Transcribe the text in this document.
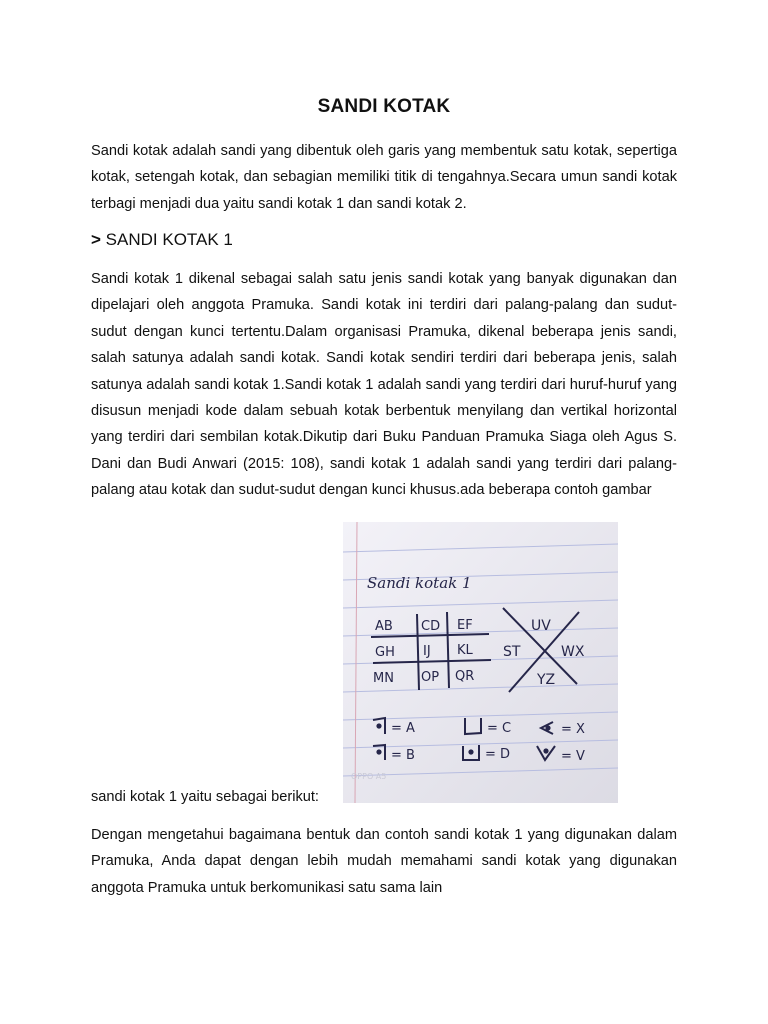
SANDI KOTAK

Sandi kotak adalah sandi yang dibentuk oleh garis yang membentuk satu kotak, sepertiga kotak, setengah kotak, dan sebagian memiliki titik di tengahnya.Secara umun sandi kotak terbagi menjadi dua yaitu sandi kotak 1 dan sandi kotak 2.

> SANDI KOTAK 1

Sandi kotak 1 dikenal sebagai salah satu jenis sandi kotak yang banyak digunakan dan dipelajari oleh anggota Pramuka. Sandi kotak ini terdiri dari palang-palang dan sudut-sudut dengan kunci tertentu.Dalam organisasi Pramuka, dikenal beberapa jenis sandi, salah satunya adalah sandi kotak. Sandi kotak sendiri terdiri dari beberapa jenis, salah satunya adalah sandi kotak 1.Sandi kotak 1 adalah sandi yang terdiri dari huruf-huruf yang disusun menjadi kode dalam sebuah kotak berbentuk menyilang dan vertikal horizontal yang terdiri dari sembilan kotak.Dikutip dari Buku Panduan Pramuka Siaga oleh Agus S. Dani dan Budi Anwari (2015: 108), sandi kotak 1 adalah sandi yang terdiri dari palang-palang atau kotak dan sudut-sudut dengan kunci khusus.ada beberapa contoh gambar

Sandi kotak 1
AB CD EF
GH IJ KL
MN OP QR
UV
ST	WX
YZ
= A	= C	= X
= B	= D	= V
OPPO A5
sandi kotak 1 yaitu sebagai berikut:

Dengan mengetahui bagaimana bentuk dan contoh sandi kotak 1 yang digunakan dalam Pramuka, Anda dapat dengan lebih mudah memahami sandi kotak yang digunakan anggota Pramuka untuk berkomunikasi satu sama lain
